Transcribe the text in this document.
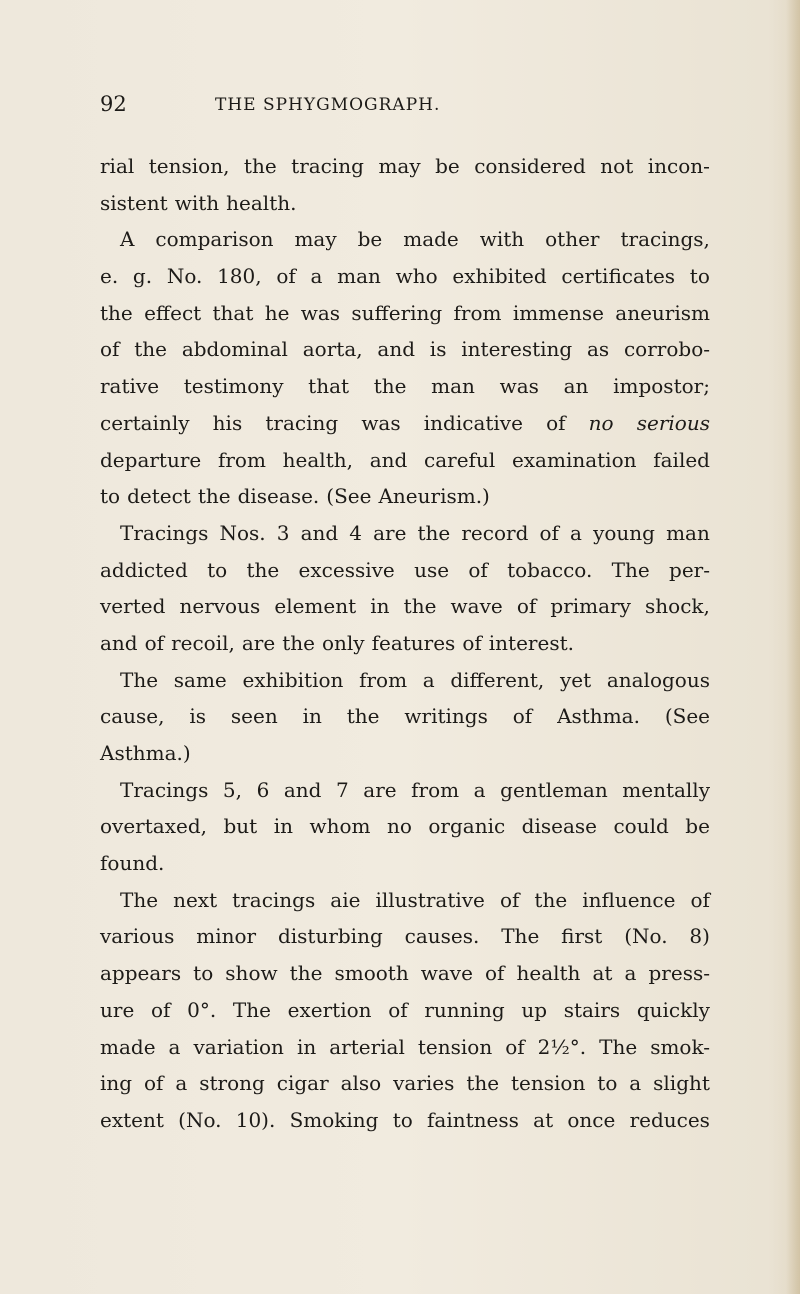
92	THE SPHYGMOGRAPH.
rial tension, the tracing may be considered not incon-
sistent with health.
A comparison may be made with other tracings,
e. g. No. 180, of a man who exhibited certificates to
the effect that he was suffering from immense aneurism
of the abdominal aorta, and is interesting as corrobo-
rative testimony that the man was an impostor;
certainly his tracing was indicative of no serious
departure from health, and careful examination failed
to detect the disease. (See Aneurism.)
Tracings Nos. 3 and 4 are the record of a young man
addicted to the excessive use of tobacco. The per-
verted nervous element in the wave of primary shock,
and of recoil, are the only features of interest.
The same exhibition from a different, yet analogous
cause, is seen in the writings of Asthma. (See
Asthma.)
Tracings 5, 6 and 7 are from a gentleman mentally
overtaxed, but in whom no organic disease could be
found.
The next tracings aie illustrative of the influence of
various minor disturbing causes. The first (No. 8)
appears to show the smooth wave of health at a press-
ure of 0°. The exertion of running up stairs quickly
made a variation in arterial tension of 2½°. The smok-
ing of a strong cigar also varies the tension to a slight
extent (No. 10). Smoking to faintness at once reduces
